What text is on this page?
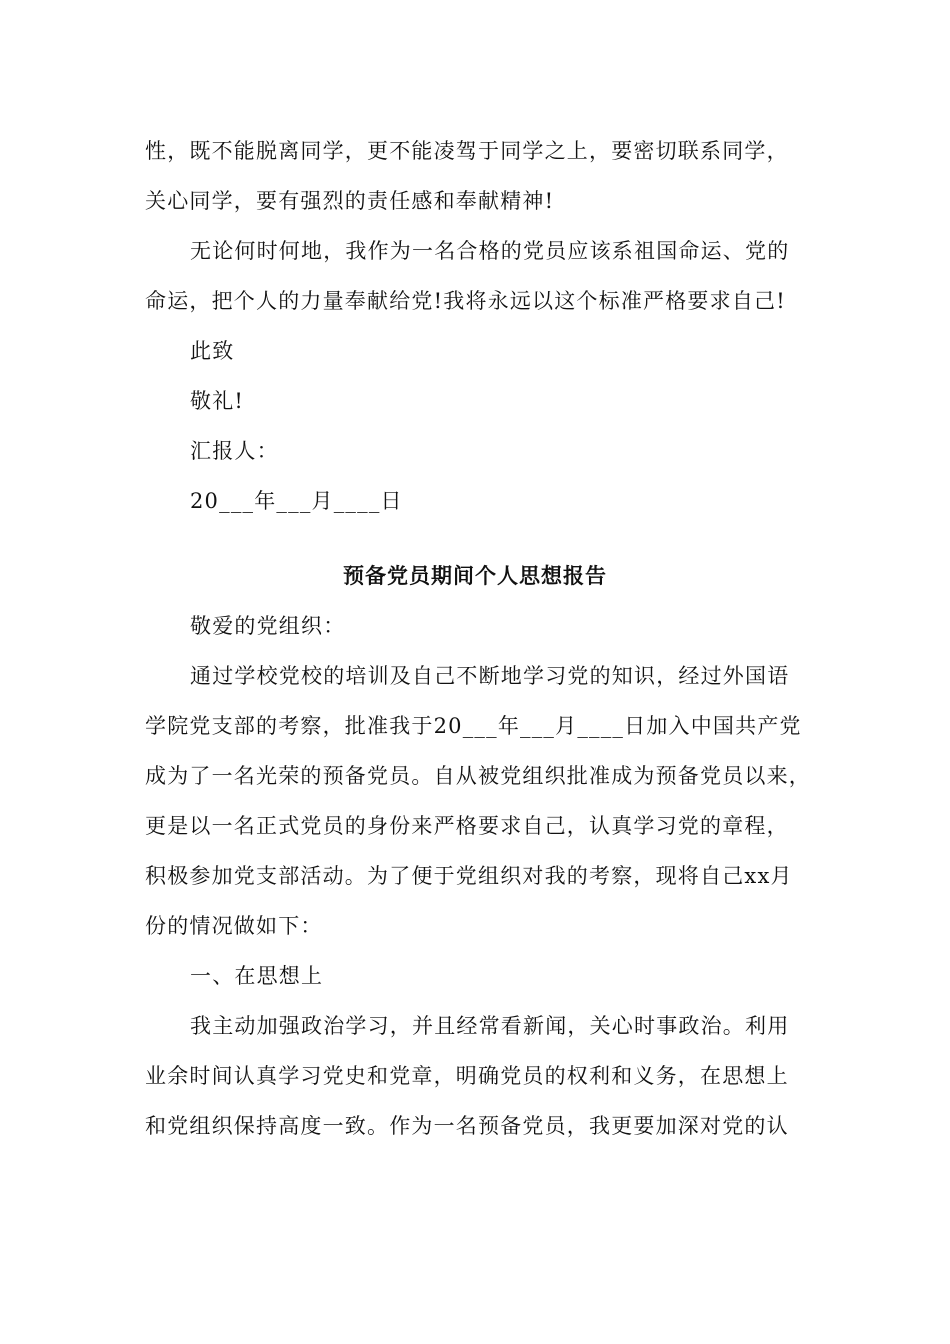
性，既不能脱离同学，更不能凌驾于同学之上，要密切联系同学，
关心同学，要有强烈的责任感和奉献精神!
无论何时何地，我作为一名合格的党员应该系祖国命运、党的
命运，把个人的力量奉献给党!我将永远以这个标准严格要求自己!
此致
敬礼!
汇报人：
20___年___月____日
预备党员期间个人思想报告
敬爱的党组织：
通过学校党校的培训及自己不断地学习党的知识，经过外国语
学院党支部的考察，批准我于20___年___月____日加入中国共产党
成为了一名光荣的预备党员。自从被党组织批准成为预备党员以来，
更是以一名正式党员的身份来严格要求自己，认真学习党的章程，
积极参加党支部活动。为了便于党组织对我的考察，现将自己xx月
份的情况做如下：
一、在思想上
我主动加强政治学习，并且经常看新闻，关心时事政治。利用
业余时间认真学习党史和党章，明确党员的权利和义务，在思想上
和党组织保持高度一致。作为一名预备党员，我更要加深对党的认
